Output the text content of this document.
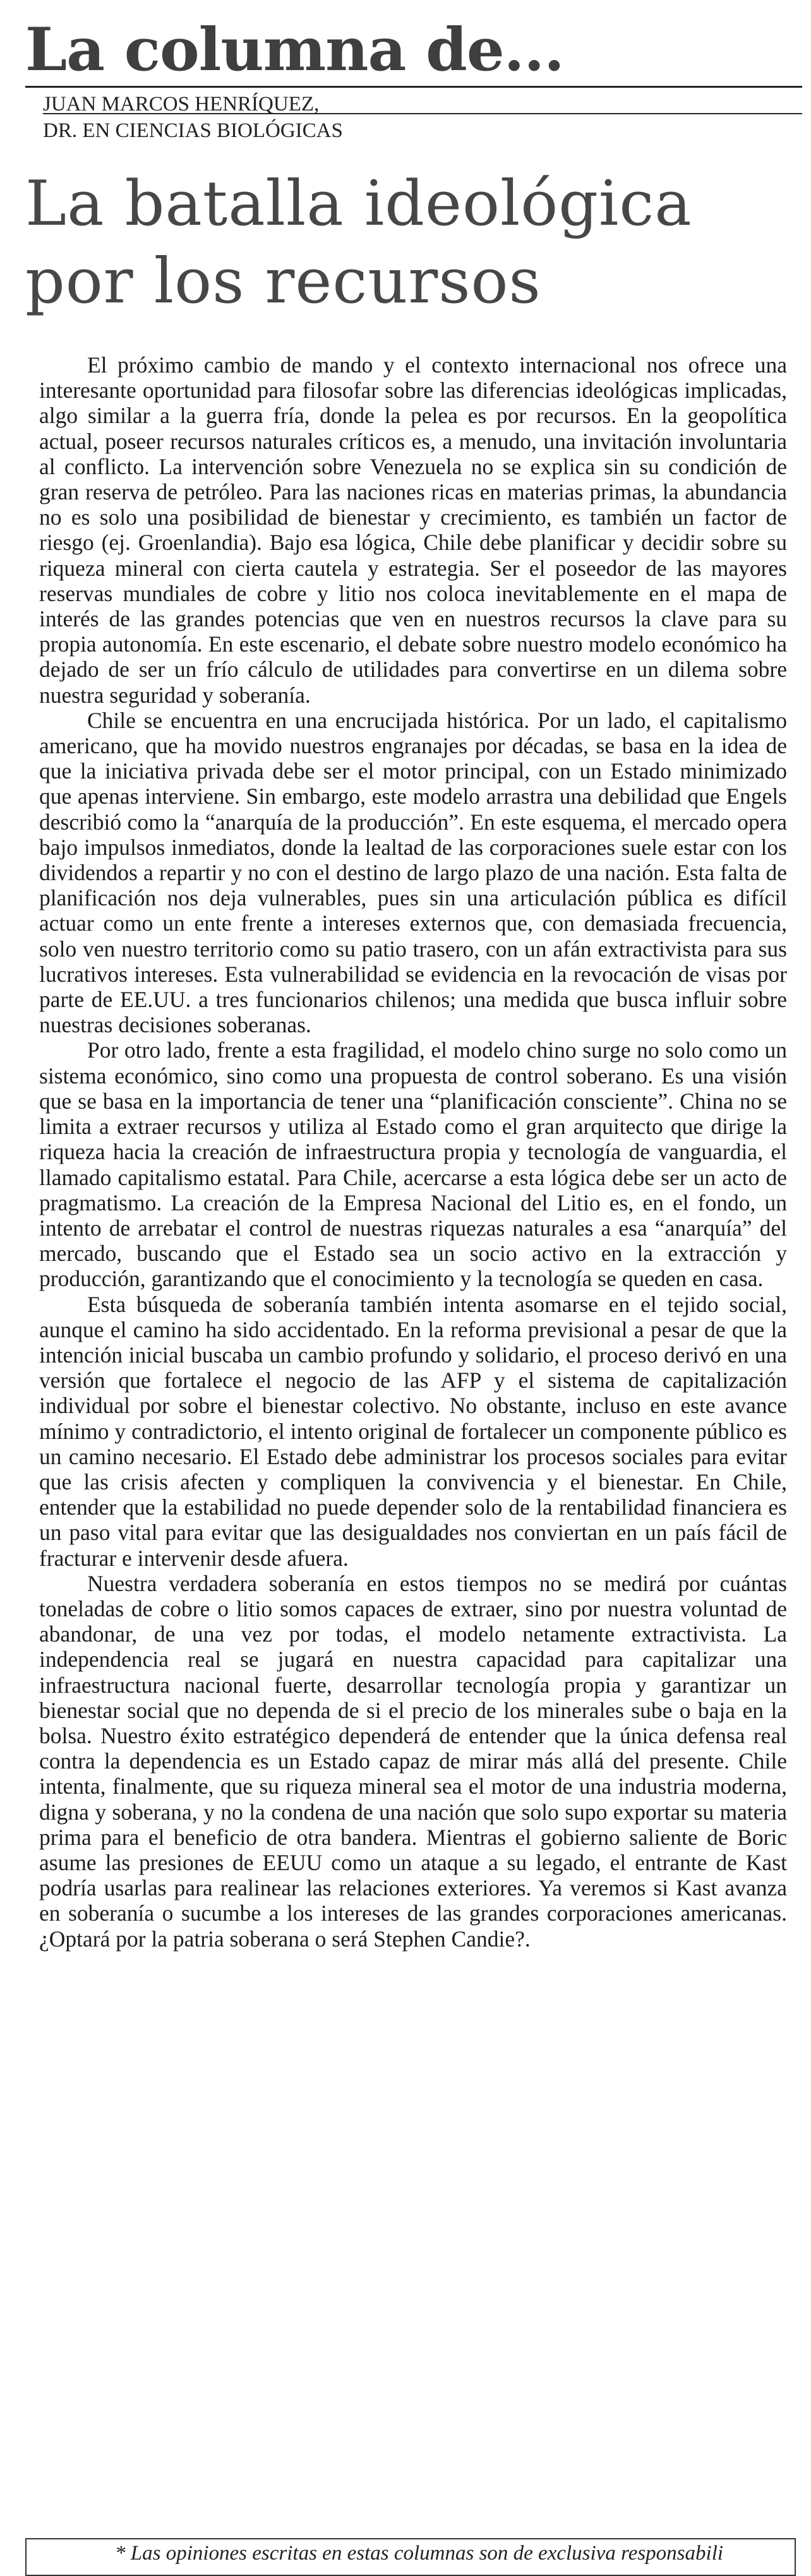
La columna de...

JUAN MARCOS HENRÍQUEZ,

DR. EN CIENCIAS BIOLÓGICAS

La batalla ideológica por los recursos

El próximo cambio de mando y el contexto internacional nos ofrece una interesante oportunidad para filosofar sobre las diferencias ideológicas implicadas, algo similar a la guerra fría, donde la pelea es por recursos. En la geopolítica actual, poseer recursos naturales críticos es, a menudo, una invitación involuntaria al conflicto. La intervención sobre Venezuela no se explica sin su condición de gran reserva de petróleo. Para las naciones ricas en materias primas, la abundancia no es solo una posibilidad de bienestar y crecimiento, es también un factor de riesgo (ej. Groenlandia). Bajo esa lógica, Chile debe planificar y decidir sobre su riqueza mineral con cierta cautela y estrategia. Ser el poseedor de las mayores reservas mundiales de cobre y litio nos coloca inevitablemente en el mapa de interés de las grandes potencias que ven en nuestros recursos la clave para su propia autonomía. En este escenario, el debate sobre nuestro modelo económico ha dejado de ser un frío cálculo de utilidades para convertirse en un dilema sobre nuestra seguridad y soberanía.

Chile se encuentra en una encrucijada histórica. Por un lado, el capitalismo americano, que ha movido nuestros engranajes por décadas, se basa en la idea de que la iniciativa privada debe ser el motor principal, con un Estado minimizado que apenas interviene. Sin embargo, este modelo arrastra una debilidad que Engels describió como la “anarquía de la producción”. En este esquema, el mercado opera bajo impulsos inmediatos, donde la lealtad de las corporaciones suele estar con los dividendos a repartir y no con el destino de largo plazo de una nación. Esta falta de planificación nos deja vulnerables, pues sin una articulación pública es difícil actuar como un ente frente a intereses externos que, con demasiada frecuencia, solo ven nuestro territorio como su patio trasero, con un afán extractivista para sus lucrativos intereses. Esta vulnerabilidad se evidencia en la revocación de visas por parte de EE.UU. a tres funcionarios chilenos; una medida que busca influir sobre nuestras decisiones soberanas.

Por otro lado, frente a esta fragilidad, el modelo chino surge no solo como un sistema económico, sino como una propuesta de control soberano. Es una visión que se basa en la importancia de tener una “planificación consciente”. China no se limita a extraer recursos y utiliza al Estado como el gran arquitecto que dirige la riqueza hacia la creación de infraestructura propia y tecnología de vanguardia, el llamado capitalismo estatal. Para Chile, acercarse a esta lógica debe ser un acto de pragmatismo. La creación de la Empresa Nacional del Litio es, en el fondo, un intento de arrebatar el control de nuestras riquezas naturales a esa “anarquía” del mercado, buscando que el Estado sea un socio activo en la extracción y producción, garantizando que el conocimiento y la tecnología se queden en casa.

Esta búsqueda de soberanía también intenta asomarse en el tejido social, aunque el camino ha sido accidentado. En la reforma previsional a pesar de que la intención inicial buscaba un cambio profundo y solidario, el proceso derivó en una versión que fortalece el negocio de las AFP y el sistema de capitalización individual por sobre el bienestar colectivo. No obstante, incluso en este avance mínimo y contradictorio, el intento original de fortalecer un componente público es un camino necesario. El Estado debe administrar los procesos sociales para evitar que las crisis afecten y compliquen la convivencia y el bienestar. En Chile, entender que la estabilidad no puede depender solo de la rentabilidad financiera es un paso vital para evitar que las desigualdades nos conviertan en un país fácil de fracturar e intervenir desde afuera.

Nuestra verdadera soberanía en estos tiempos no se medirá por cuántas toneladas de cobre o litio somos capaces de extraer, sino por nuestra voluntad de abandonar, de una vez por todas, el modelo netamente extractivista. La independencia real se jugará en nuestra capacidad para capitalizar una infraestructura nacional fuerte, desarrollar tecnología propia y garantizar un bienestar social que no dependa de si el precio de los minerales sube o baja en la bolsa. Nuestro éxito estratégico dependerá de entender que la única defensa real contra la dependencia es un Estado capaz de mirar más allá del presente. Chile intenta, finalmente, que su riqueza mineral sea el motor de una industria moderna, digna y soberana, y no la condena de una nación que solo supo exportar su materia prima para el beneficio de otra bandera. Mientras el gobierno saliente de Boric asume las presiones de EEUU como un ataque a su legado, el entrante de Kast podría usarlas para realinear las relaciones exteriores. Ya veremos si Kast avanza en soberanía o sucumbe a los intereses de las grandes corporaciones americanas. ¿Optará por la patria soberana o será Stephen Candie?.

* Las opiniones escritas en estas columnas son de exclusiva responsabili
